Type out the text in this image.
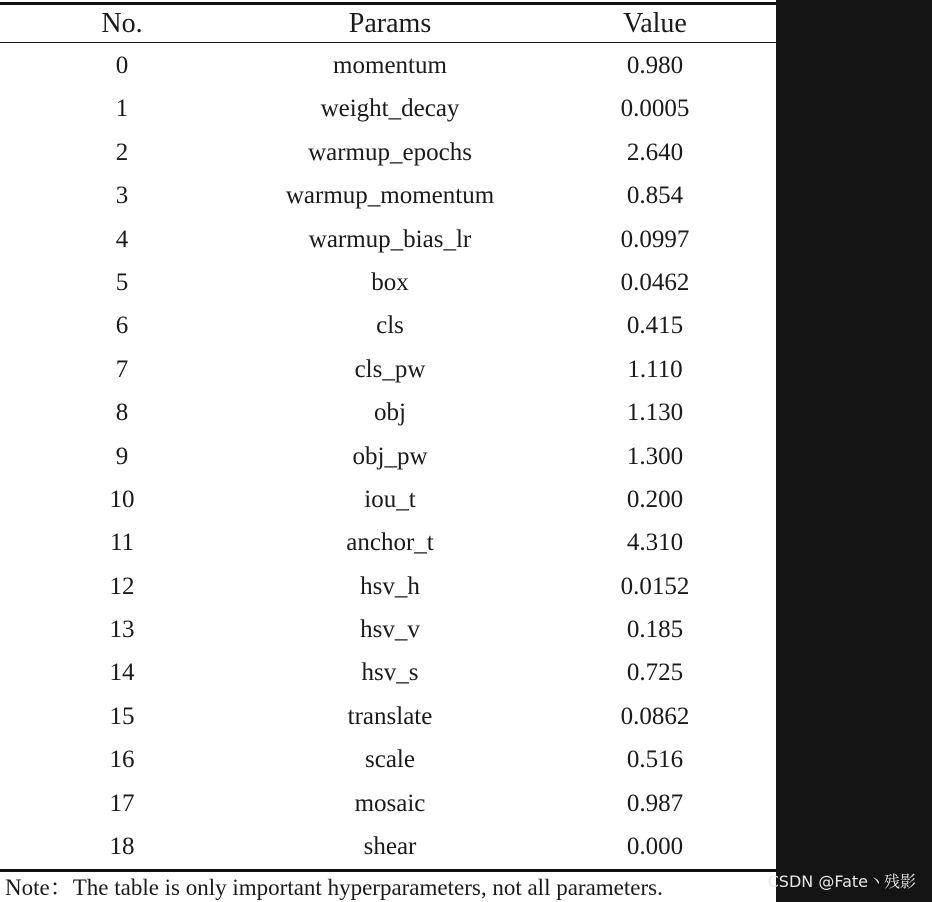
No.	Params	Value
0	momentum	0.980
1	weight_decay	0.0005
2	warmup_epochs	2.640
3	warmup_momentum	0.854
4	warmup_bias_lr	0.0997
5	box	0.0462
6	cls	0.415
7	cls_pw	1.110
8	obj	1.130
9	obj_pw	1.300
10	iou_t	0.200
11	anchor_t	4.310
12	hsv_h	0.0152
13	hsv_v	0.185
14	hsv_s	0.725
15	translate	0.0862
16	scale	0.516
17	mosaic	0.987
18	shear	0.000
Note：The table is only important hyperparameters, not all parameters.	CSDN @Fate丶残影
